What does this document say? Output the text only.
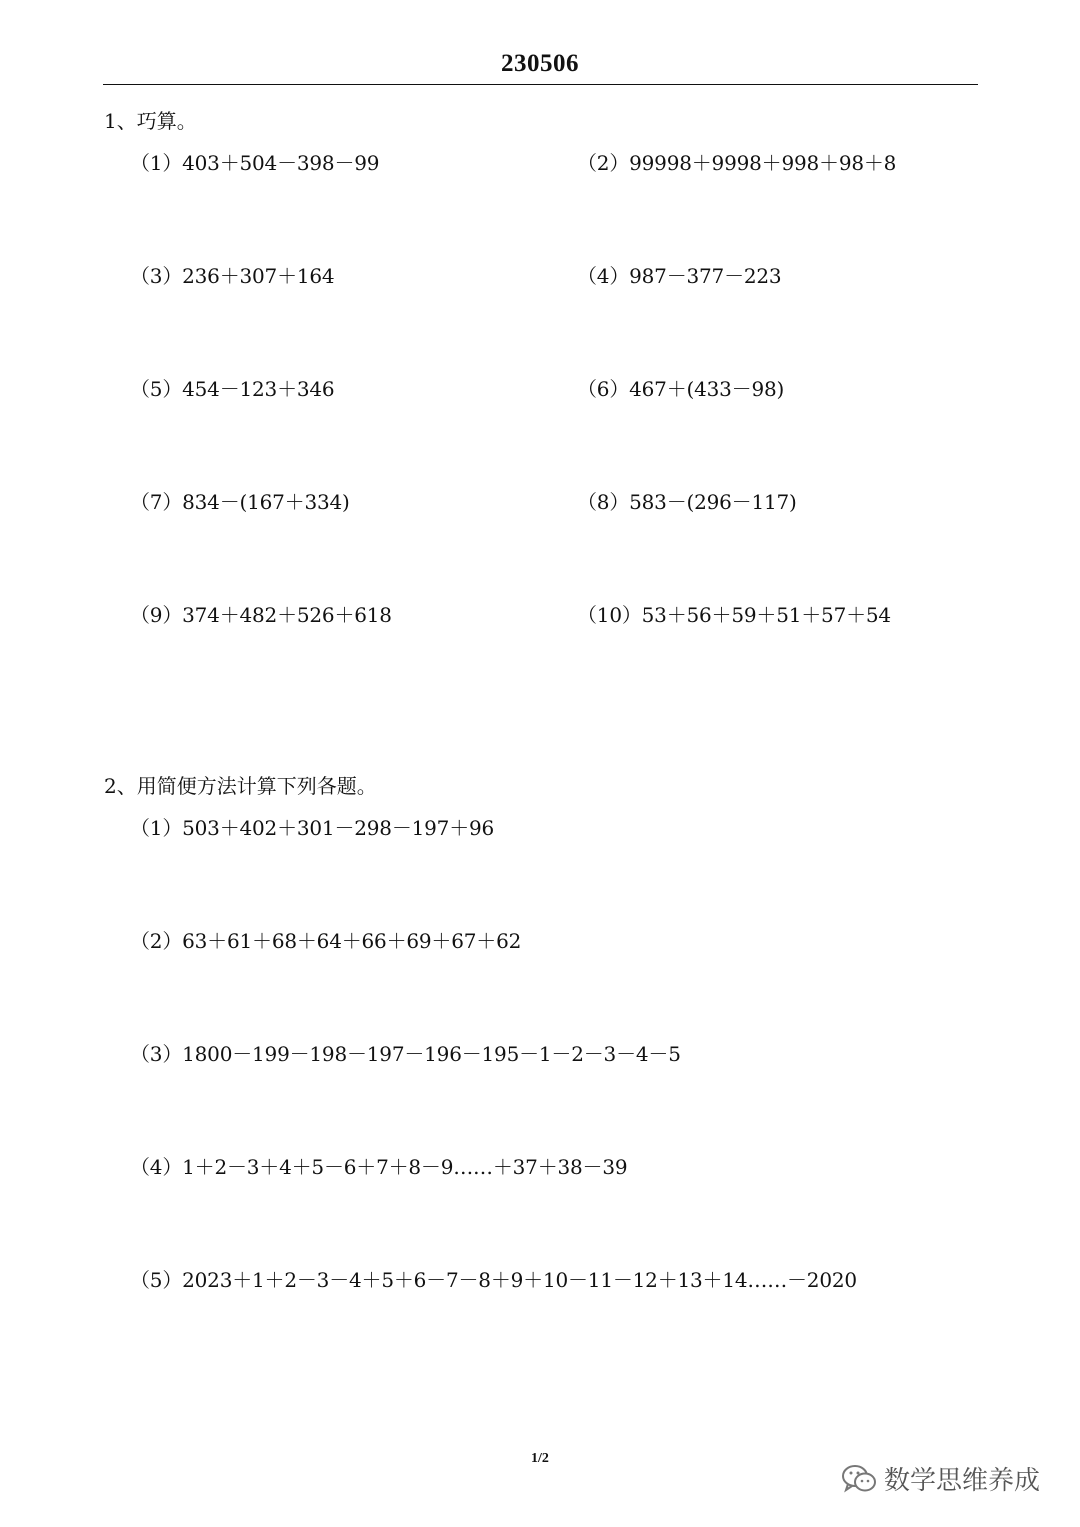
230506
1、巧算。
（1）403＋504－398－99	（2）99998＋9998＋998＋98＋8
（3）236＋307＋164	（4）987－377－223
（5）454－123＋346	（6）467＋(433－98)
（7）834－(167＋334)	（8）583－(296－117)
（9）374＋482＋526＋618	（10）53＋56＋59＋51＋57＋54
2、用简便方法计算下列各题。
（1）503＋402＋301－298－197＋96
（2）63＋61＋68＋64＋66＋69＋67＋62
（3）1800－199－198－197－196－195－1－2－3－4－5
（4）1＋2－3＋4＋5－6＋7＋8－9……＋37＋38－39
（5）2023＋1＋2－3－4＋5＋6－7－8＋9＋10－11－12＋13＋14……－2020
1/2
数学思维养成
